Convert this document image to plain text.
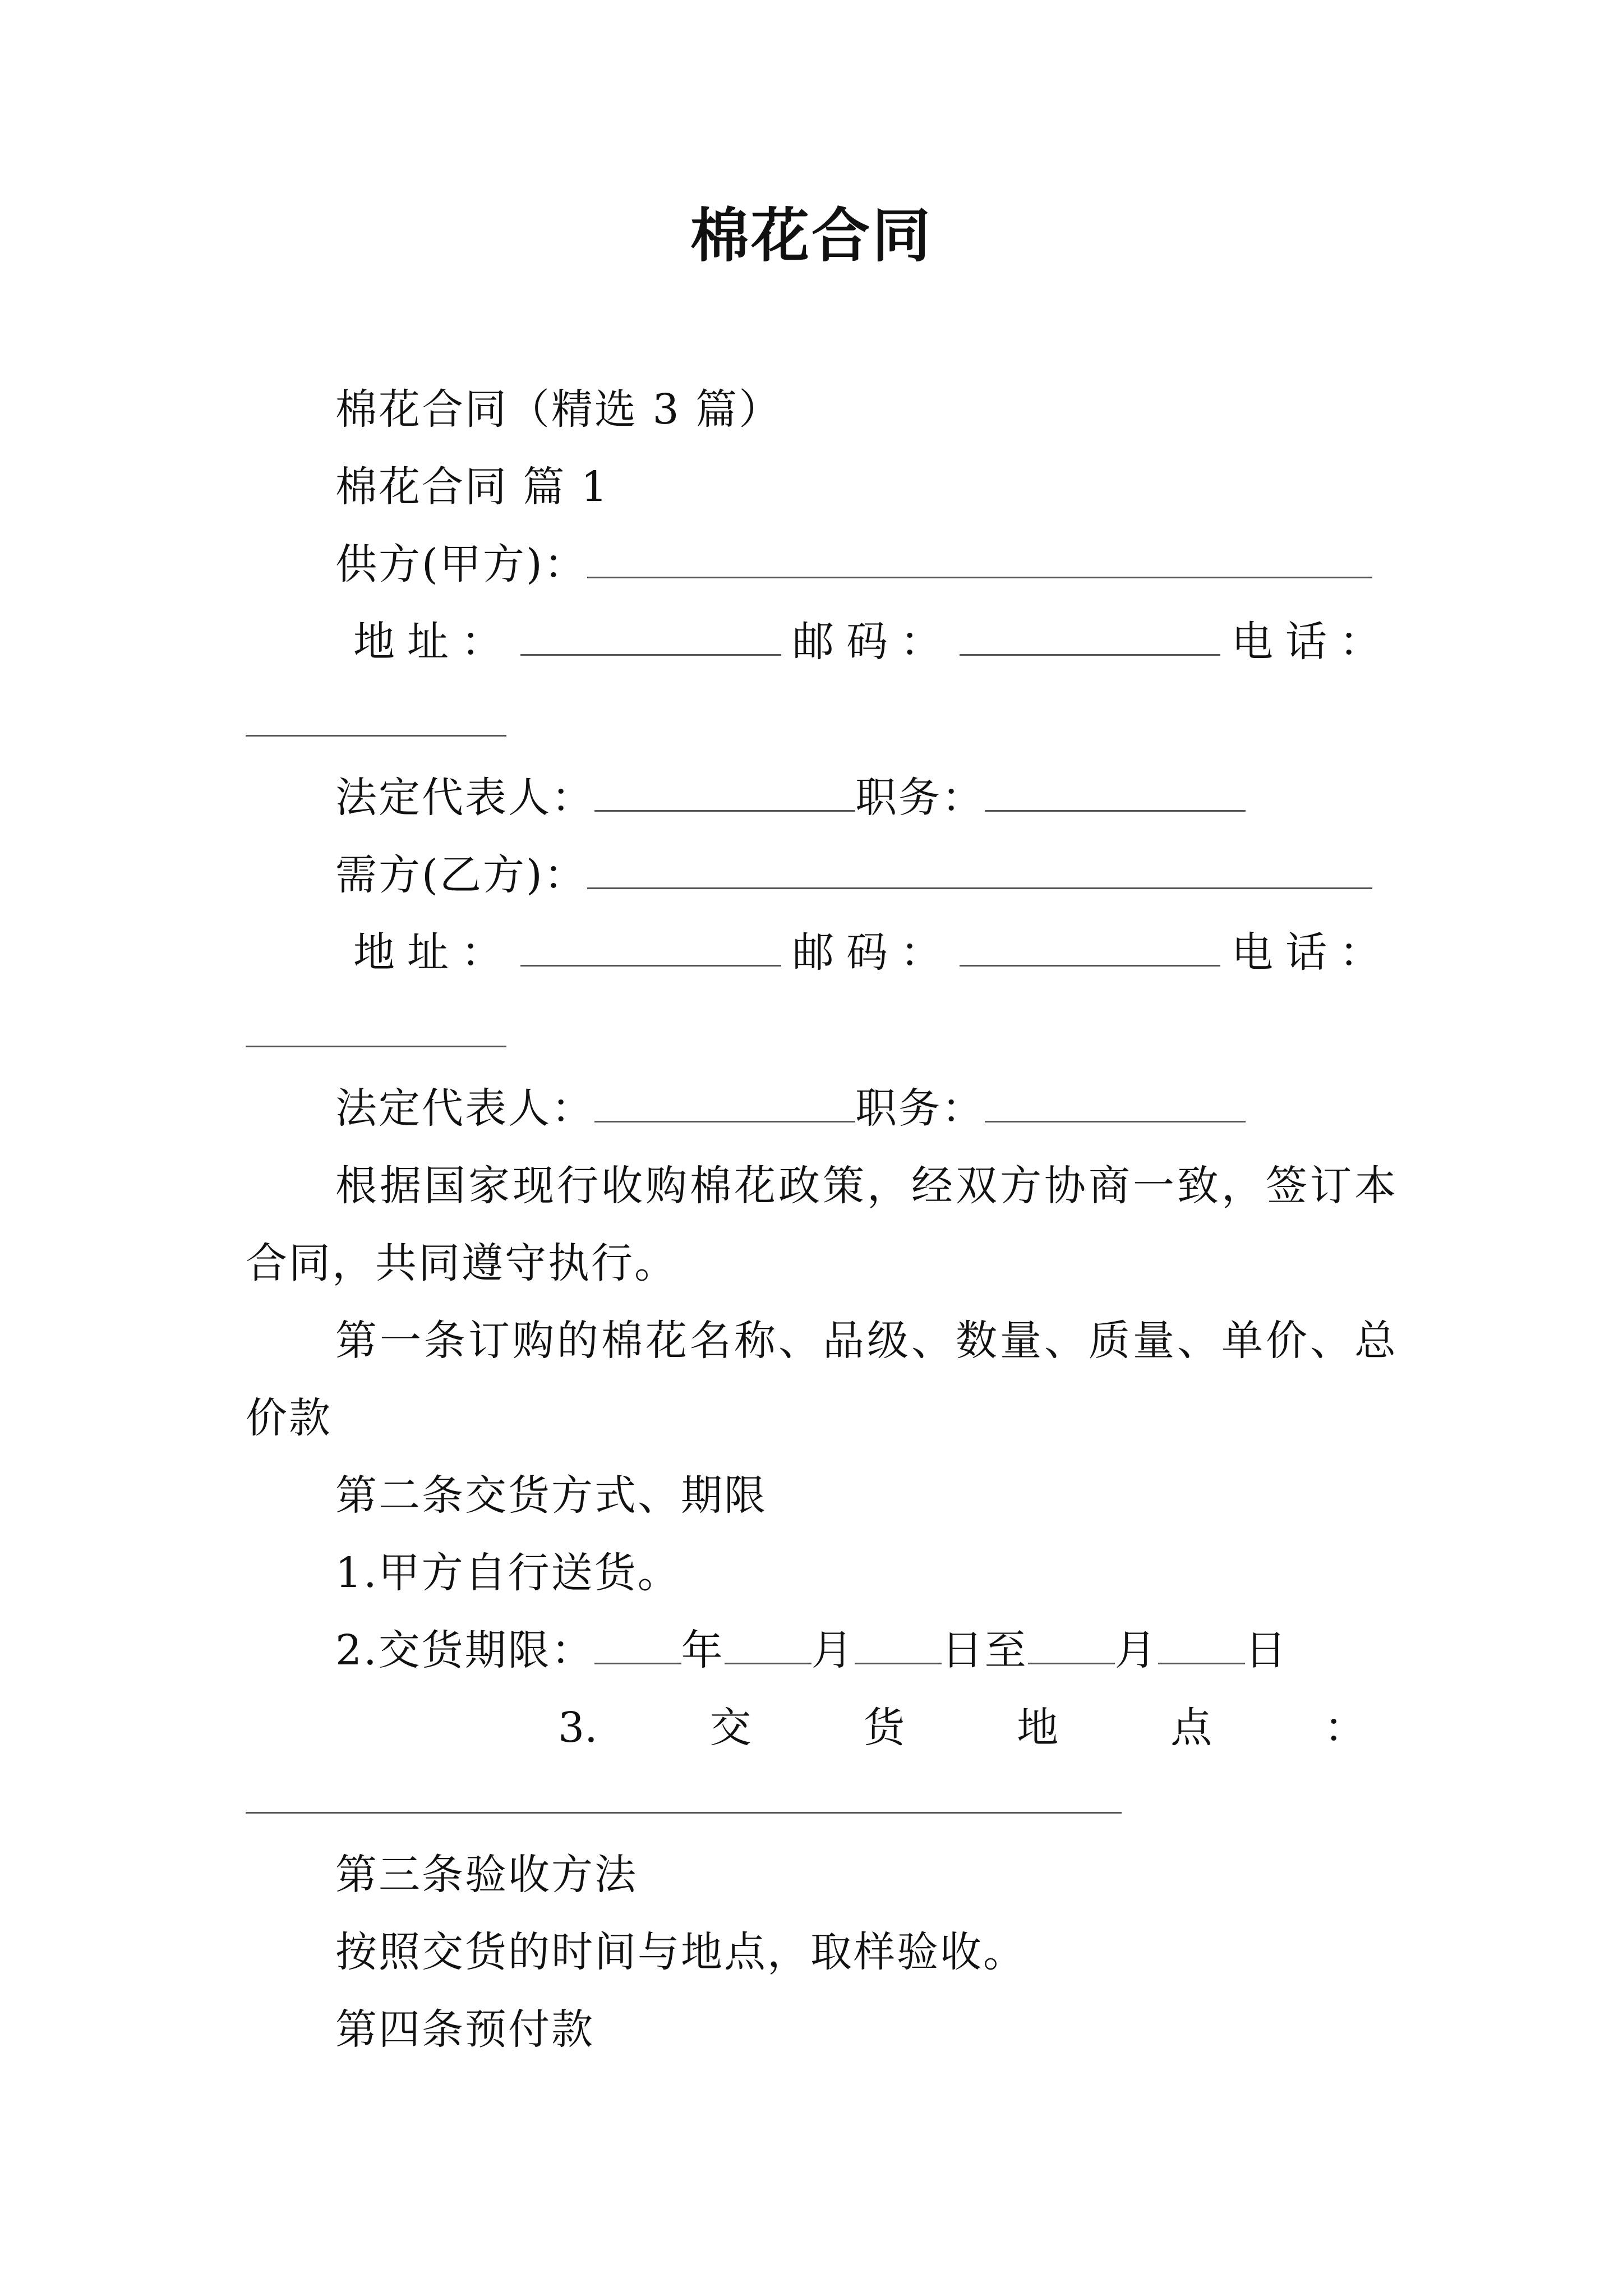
棉花合同
棉花合同（精选 3 篇）
棉花合同 篇 1
供方(甲方)：
地址：	邮码：	电话：
法定代表人：	职务：
需方(乙方)：
地址：	邮码：	电话：
法定代表人：	职务：
根据国家现行收购棉花政策，经双方协商一致，签订本
合同，共同遵守执行。
第一条订购的棉花名称、品级、数量、质量、单价、总
价款
第二条交货方式、期限
1.甲方自行送货。
2.交货期限： 年 月 日至 月 日
3.	交	货	地	点	：
第三条验收方法
按照交货的时间与地点，取样验收。
第四条预付款
